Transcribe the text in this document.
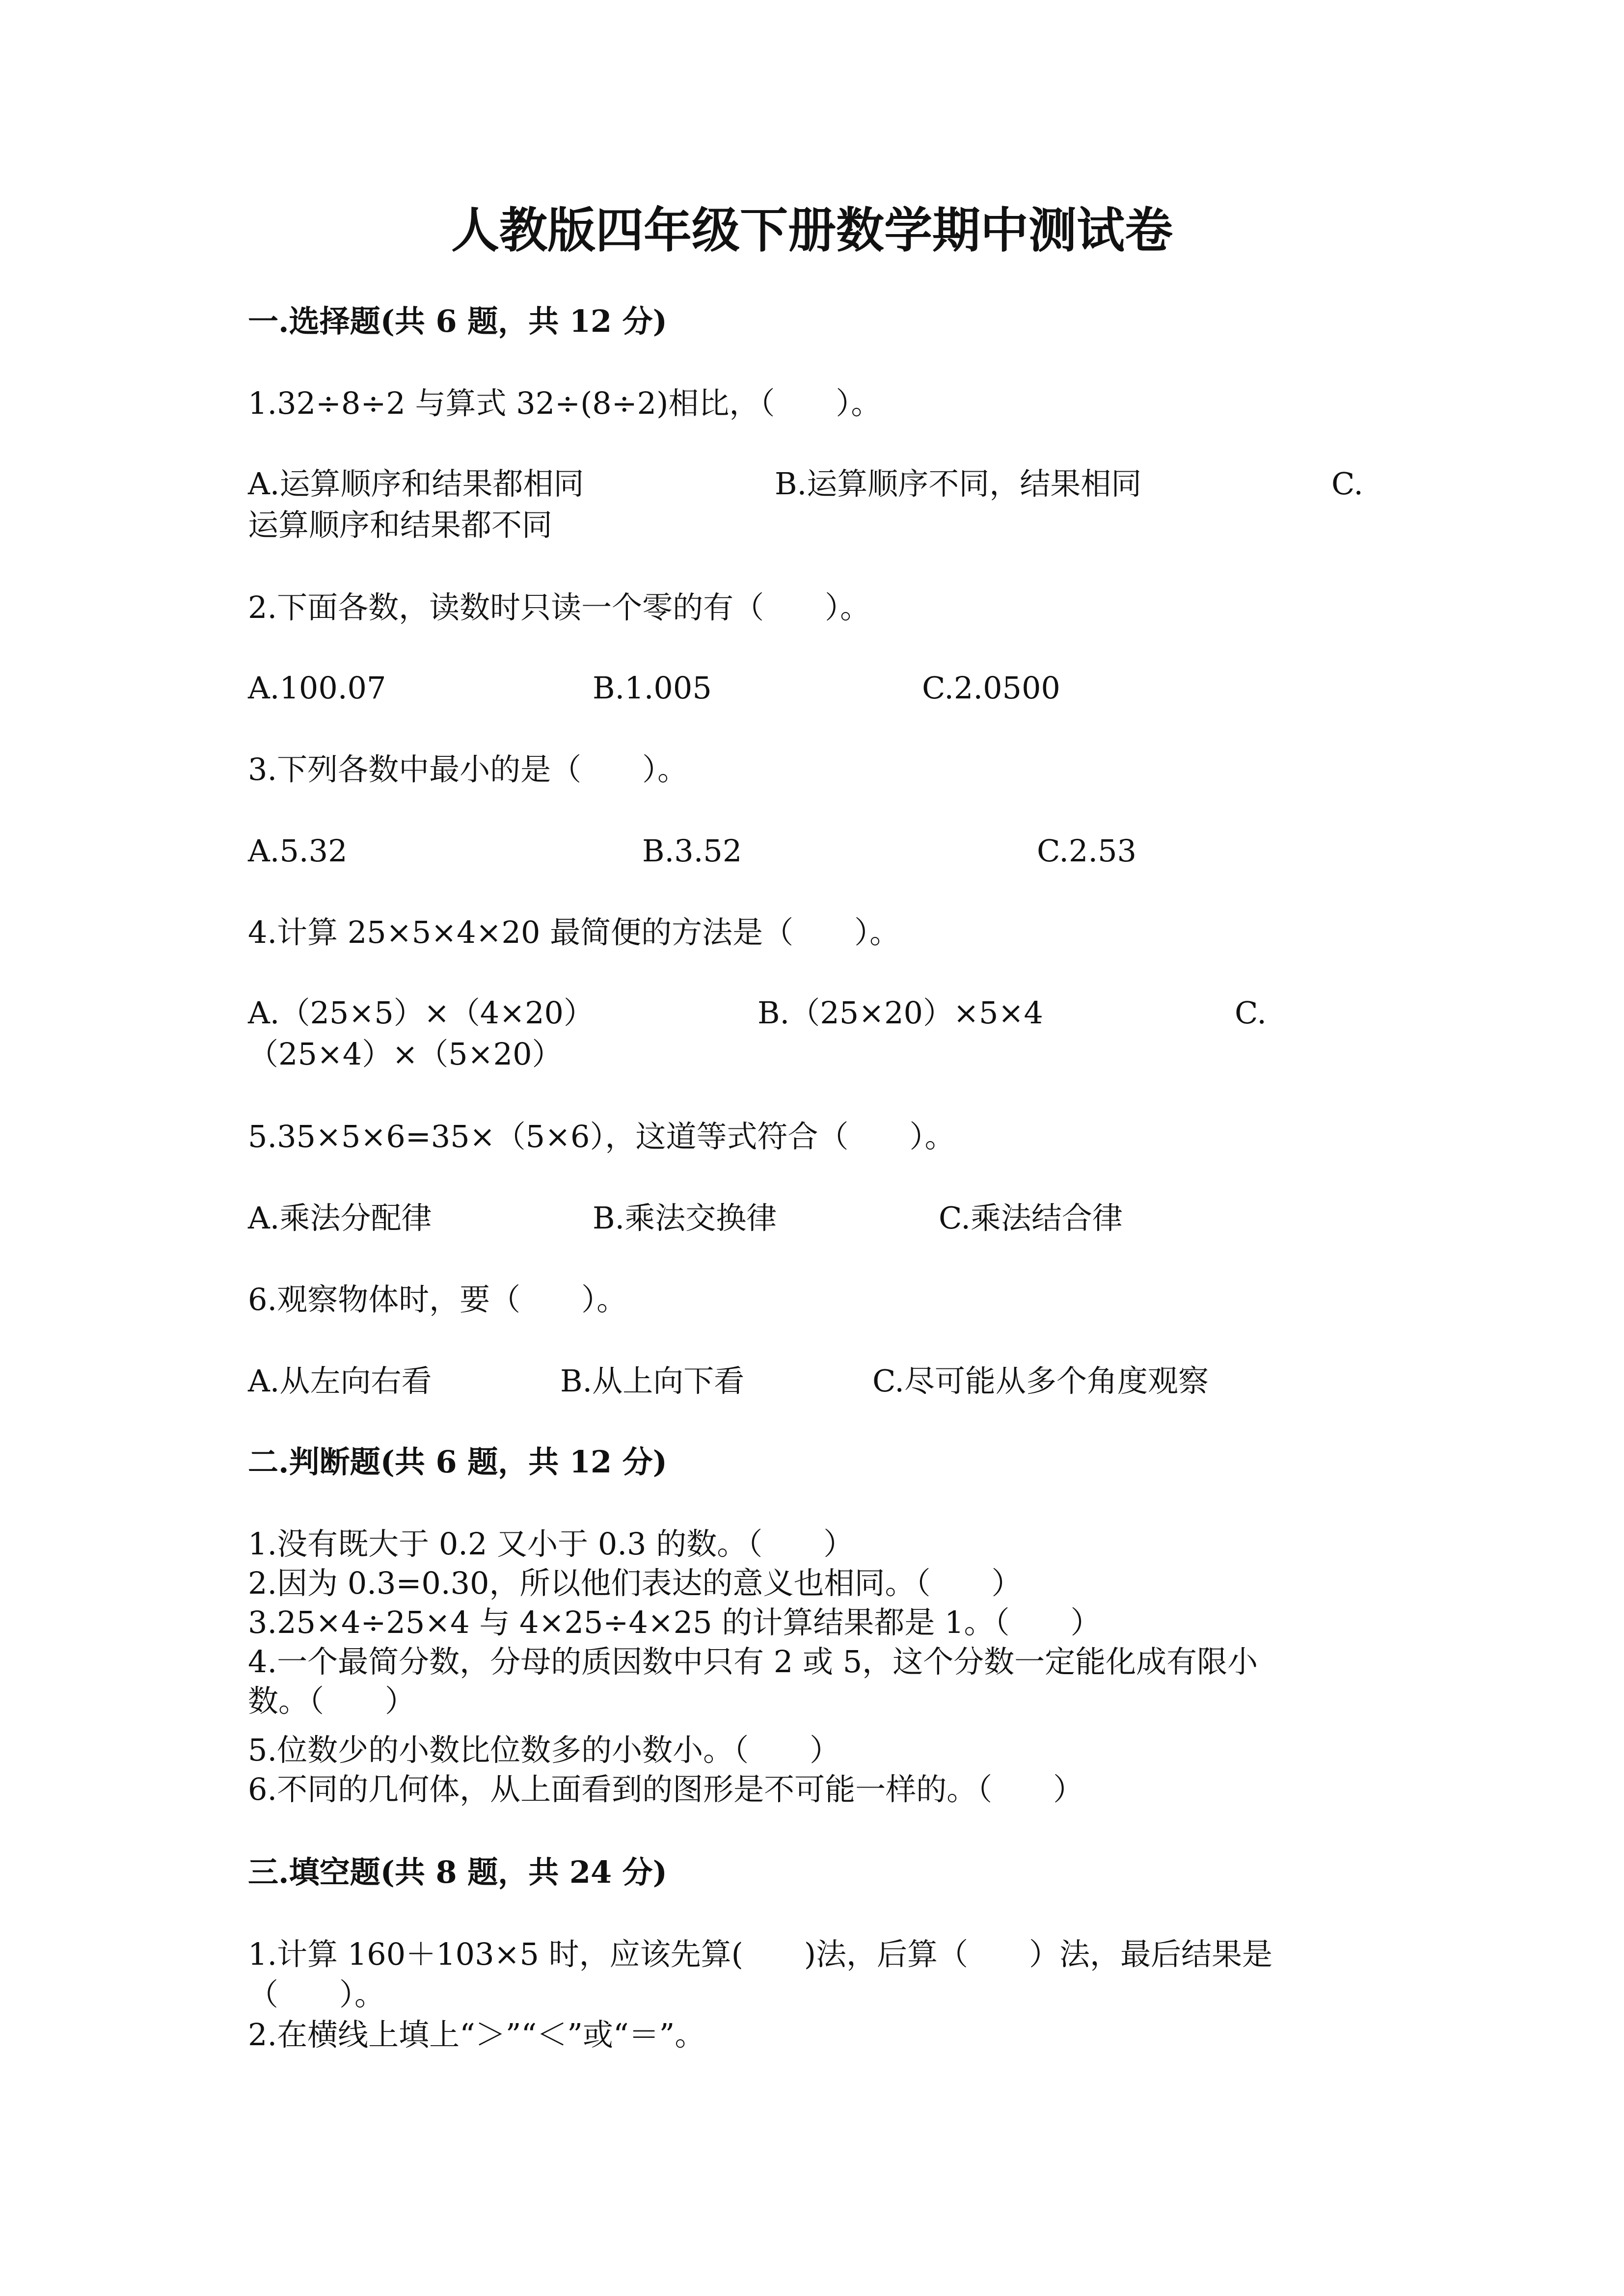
人教版四年级下册数学期中测试卷
一.选择题(共 6 题，共 12 分)
1.32÷8÷2 与算式 32÷(8÷2)相比，（　　）。
A.运算顺序和结果都相同	B.运算顺序不同，结果相同	C.
运算顺序和结果都不同
2.下面各数，读数时只读一个零的有（　　）。
A.100.07	B.1.005	C.2.0500
3.下列各数中最小的是（　　）。
A.5.32	B.3.52	C.2.53
4.计算 25×5×4×20 最简便的方法是（　　）。
A.（25×5）×（4×20）	B.（25×20）×5×4	C.
（25×4）×（5×20）
5.35×5×6=35×（5×6），这道等式符合（　　）。
A.乘法分配律	B.乘法交换律	C.乘法结合律
6.观察物体时，要（　　）。
A.从左向右看	B.从上向下看	C.尽可能从多个角度观察
二.判断题(共 6 题，共 12 分)
1.没有既大于 0.2 又小于 0.3 的数。（　　）
2.因为 0.3=0.30，所以他们表达的意义也相同。（　　）
3.25×4÷25×4 与 4×25÷4×25 的计算结果都是 1。（　　）
4.一个最简分数，分母的质因数中只有 2 或 5，这个分数一定能化成有限小
数。（　　）
5.位数少的小数比位数多的小数小。（　　）
6.不同的几何体，从上面看到的图形是不可能一样的。（　　）
三.填空题(共 8 题，共 24 分)
1.计算 160＋103×5 时，应该先算(　　)法，后算（　　）法，最后结果是
（　　）。
2.在横线上填上“＞”“＜”或“＝”。
